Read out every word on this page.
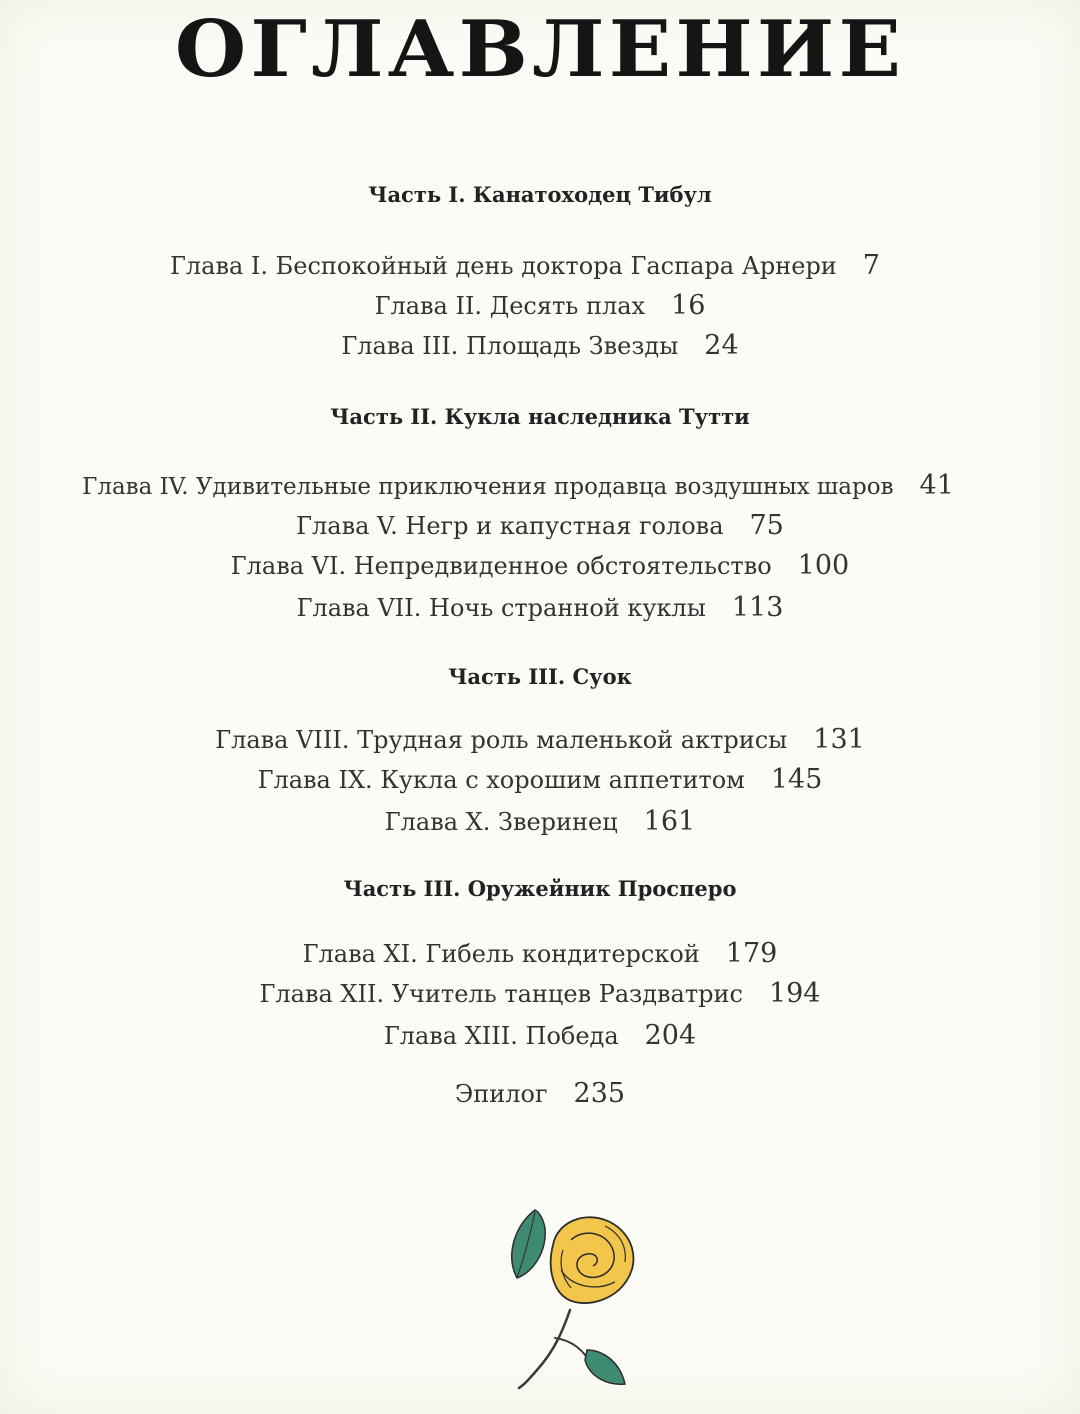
ОГЛАВЛЕНИЕ
Часть I. Канатоходец Тибул
Глава I. Беспокойный день доктора Гаспара Арнери 7
Глава II. Десять плах 16
Глава III. Площадь Звезды 24
Часть II. Кукла наследника Тутти
Глава IV. Удивительные приключения продавца воздушных шаров 41
Глава V. Негр и капустная голова 75
Глава VI. Непредвиденное обстоятельство 100
Глава VII. Ночь странной куклы 113
Часть III. Суок
Глава VIII. Трудная роль маленькой актрисы 131
Глава IX. Кукла с хорошим аппетитом 145
Глава X. Зверинец 161
Часть III. Оружейник Просперо
Глава XI. Гибель кондитерской 179
Глава XII. Учитель танцев Раздватрис 194
Глава XIII. Победа 204
Эпилог 235
